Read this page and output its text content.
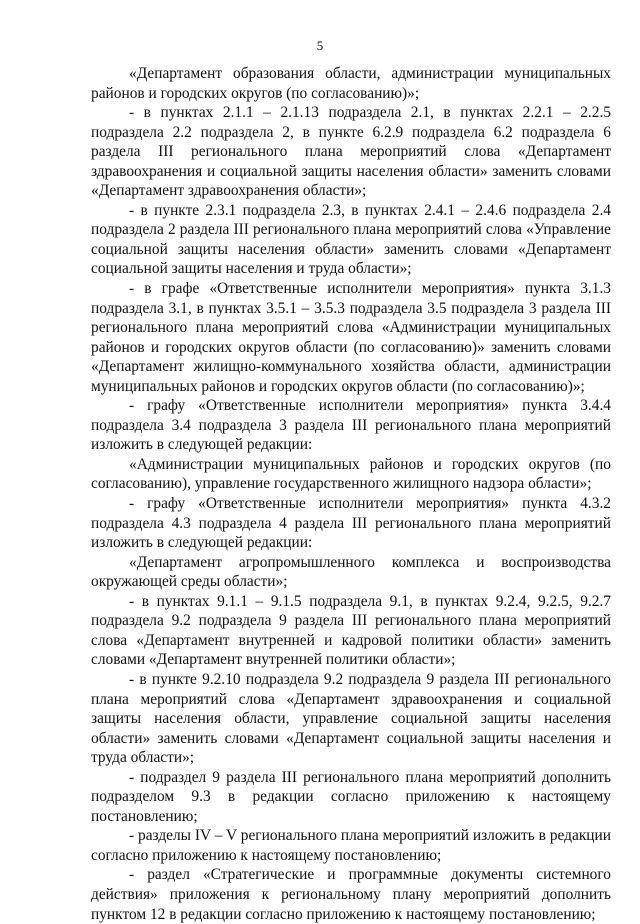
5

«Департамент образования области, администрации муниципальных районов и городских округов (по согласованию)»;

- в пунктах 2.1.1 – 2.1.13 подраздела 2.1, в пунктах 2.2.1 – 2.2.5 подраздела 2.2 подраздела 2, в пункте 6.2.9 подраздела 6.2 подраздела 6 раздела III регионального плана мероприятий слова «Департамент здравоохранения и социальной защиты населения области» заменить словами «Департамент здравоохранения области»;

- в пункте 2.3.1 подраздела 2.3, в пунктах 2.4.1 – 2.4.6 подраздела 2.4 подраздела 2 раздела III регионального плана мероприятий слова «Управление социальной защиты населения области» заменить словами «Департамент социальной защиты населения и труда области»;

- в графе «Ответственные исполнители мероприятия» пункта 3.1.3 подраздела 3.1, в пунктах 3.5.1 – 3.5.3 подраздела 3.5 подраздела 3 раздела III регионального плана мероприятий слова «Администрации муниципальных районов и городских округов области (по согласованию)» заменить словами «Департамент жилищно-коммунального хозяйства области, администрации муниципальных районов и городских округов области (по согласованию)»;

- графу «Ответственные исполнители мероприятия» пункта 3.4.4 подраздела 3.4 подраздела 3 раздела III регионального плана мероприятий изложить в следующей редакции:

«Администрации муниципальных районов и городских округов (по согласованию), управление государственного жилищного надзора области»;

- графу «Ответственные исполнители мероприятия» пункта 4.3.2 подраздела 4.3 подраздела 4 раздела III регионального плана мероприятий изложить в следующей редакции:

«Департамент агропромышленного комплекса и воспроизводства окружающей среды области»;

- в пунктах 9.1.1 – 9.1.5 подраздела 9.1, в пунктах 9.2.4, 9.2.5, 9.2.7 подраздела 9.2 подраздела 9 раздела III регионального плана мероприятий слова «Департамент внутренней и кадровой политики области» заменить словами «Департамент внутренней политики области»;

- в пункте 9.2.10 подраздела 9.2 подраздела 9 раздела III регионального плана мероприятий слова «Департамент здравоохранения и социальной защиты населения области, управление социальной защиты населения области» заменить словами «Департамент социальной защиты населения и труда области»;

- подраздел 9 раздела III регионального плана мероприятий дополнить подразделом 9.3 в редакции согласно приложению к настоящему постановлению;

- разделы IV – V регионального плана мероприятий изложить в редакции согласно приложению к настоящему постановлению;

- раздел «Стратегические и программные документы системного действия» приложения к региональному плану мероприятий дополнить пунктом 12 в редакции согласно приложению к настоящему постановлению;
